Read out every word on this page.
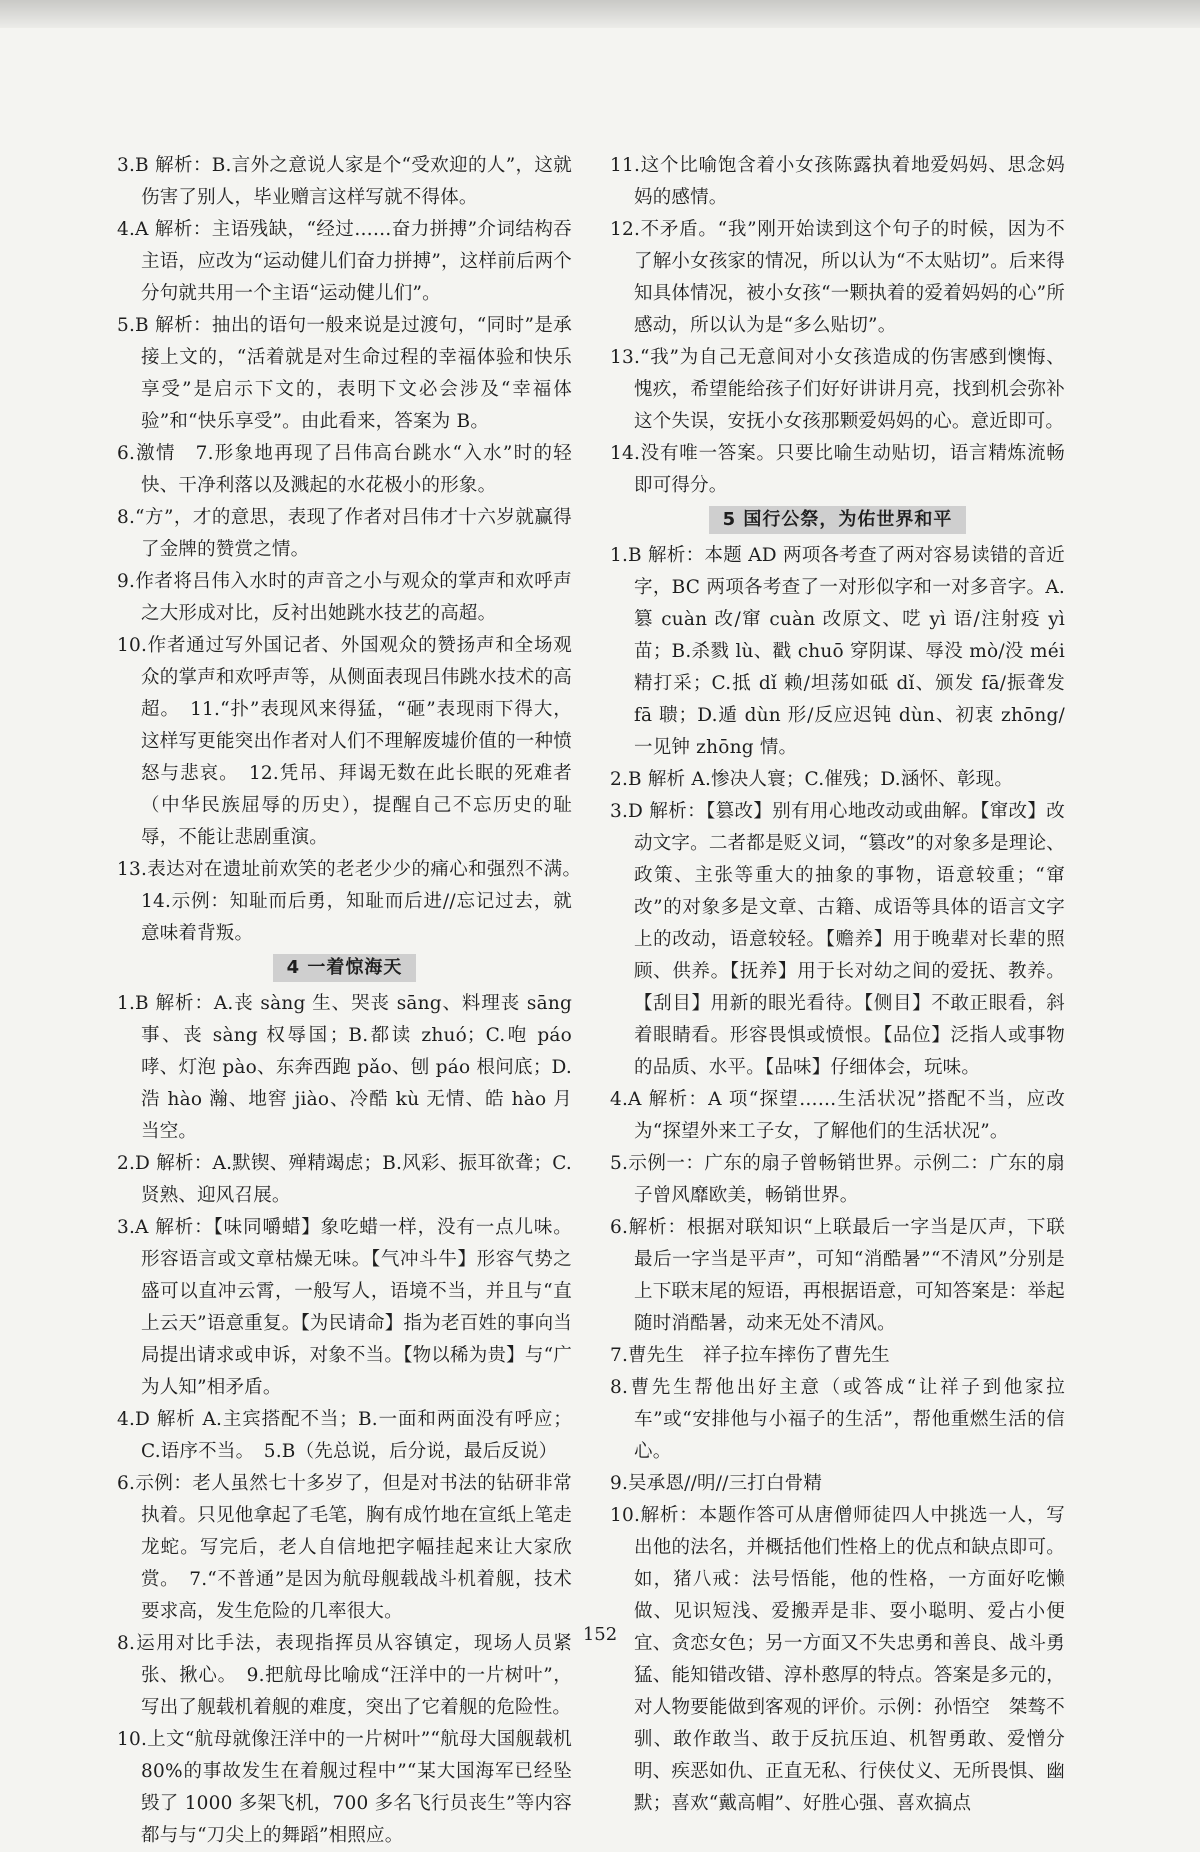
3.B 解析：B.言外之意说人家是个“受欢迎的人”，这就伤害了别人，毕业赠言这样写就不得体。

4.A 解析：主语残缺，“经过……奋力拼搏”介词结构吞主语，应改为“运动健儿们奋力拼搏”，这样前后两个分句就共用一个主语“运动健儿们”。

5.B 解析：抽出的语句一般来说是过渡句，“同时”是承接上文的，“活着就是对生命过程的幸福体验和快乐享受”是启示下文的，表明下文必会涉及“幸福体验”和“快乐享受”。由此看来，答案为 B。

6.激情　7.形象地再现了吕伟高台跳水“入水”时的轻快、干净利落以及溅起的水花极小的形象。

8.“方”，才的意思，表现了作者对吕伟才十六岁就赢得了金牌的赞赏之情。

9.作者将吕伟入水时的声音之小与观众的掌声和欢呼声之大形成对比，反衬出她跳水技艺的高超。

10.作者通过写外国记者、外国观众的赞扬声和全场观众的掌声和欢呼声等，从侧面表现吕伟跳水技术的高超。　11.“扑”表现风来得猛，“砸”表现雨下得大，这样写更能突出作者对人们不理解废墟价值的一种愤怒与悲哀。　12.凭吊、拜谒无数在此长眠的死难者（中华民族屈辱的历史），提醒自己不忘历史的耻辱，不能让悲剧重演。

13.表达对在遗址前欢笑的老老少少的痛心和强烈不满。　14.示例：知耻而后勇，知耻而后进//忘记过去，就意味着背叛。

4 一着惊海天

1.B 解析：A.丧 sàng 生、哭丧 sāng、料理丧 sāng 事、丧 sàng 权辱国；B.都读 zhuó；C.咆 páo 哮、灯泡 pào、东奔西跑 pǎo、刨 páo 根问底；D.浩 hào 瀚、地窖 jiào、冷酷 kù 无情、皓 hào 月当空。

2.D 解析：A.默锲、殚精竭虑；B.风彩、振耳欲聋；C.贤熟、迎风召展。

3.A 解析：【味同嚼蜡】象吃蜡一样，没有一点儿味。形容语言或文章枯燥无味。【气冲斗牛】形容气势之盛可以直冲云霄，一般写人，语境不当，并且与“直上云天”语意重复。【为民请命】指为老百姓的事向当局提出请求或申诉，对象不当。【物以稀为贵】与“广为人知”相矛盾。

4.D 解析 A.主宾搭配不当；B.一面和两面没有呼应；C.语序不当。　5.B（先总说，后分说，最后反说）

6.示例：老人虽然七十多岁了，但是对书法的钻研非常执着。只见他拿起了毛笔，胸有成竹地在宣纸上笔走龙蛇。写完后，老人自信地把字幅挂起来让大家欣赏。　7.“不普通”是因为航母舰载战斗机着舰，技术要求高，发生危险的几率很大。

8.运用对比手法，表现指挥员从容镇定，现场人员紧张、揪心。　9.把航母比喻成“汪洋中的一片树叶”，写出了舰载机着舰的难度，突出了它着舰的危险性。

10.上文“航母就像汪洋中的一片树叶”“航母大国舰载机 80%的事故发生在着舰过程中”“某大国海军已经坠毁了 1000 多架飞机，700 多名飞行员丧生”等内容都与与“刀尖上的舞蹈”相照应。

11.这个比喻饱含着小女孩陈露执着地爱妈妈、思念妈妈的感情。

12.不矛盾。“我”刚开始读到这个句子的时候，因为不了解小女孩家的情况，所以认为“不太贴切”。后来得知具体情况，被小女孩“一颗执着的爱着妈妈的心”所感动，所以认为是“多么贴切”。

13.“我”为自己无意间对小女孩造成的伤害感到懊悔、愧疚，希望能给孩子们好好讲讲月亮，找到机会弥补这个失误，安抚小女孩那颗爱妈妈的心。意近即可。

14.没有唯一答案。只要比喻生动贴切，语言精炼流畅即可得分。

5 国行公祭，为佑世界和平

1.B 解析：本题 AD 两项各考查了两对容易读错的音近字，BC 两项各考查了一对形似字和一对多音字。A.篡 cuàn 改/窜 cuàn 改原文、呓 yì 语/注射疫 yì 苗；B.杀戮 lù、戳 chuō 穿阴谋、辱没 mò/没 méi 精打采；C.抵 dǐ 赖/坦荡如砥 dǐ、颁发 fā/振聋发 fā 聩；D.遁 dùn 形/反应迟钝 dùn、初衷 zhōng/一见钟 zhōng 情。

2.B 解析 A.惨决人寰；C.催残；D.涵怀、彰现。

3.D 解析：【篡改】别有用心地改动或曲解。【窜改】改动文字。二者都是贬义词，“篡改”的对象多是理论、政策、主张等重大的抽象的事物，语意较重；“窜改”的对象多是文章、古籍、成语等具体的语言文字上的改动，语意较轻。【赡养】用于晚辈对长辈的照顾、供养。【抚养】用于长对幼之间的爱抚、教养。【刮目】用新的眼光看待。【侧目】不敢正眼看，斜着眼睛看。形容畏惧或愤恨。【品位】泛指人或事物的品质、水平。【品味】仔细体会，玩味。

4.A 解析：A 项“探望……生活状况”搭配不当，应改为“探望外来工子女，了解他们的生活状况”。

5.示例一：广东的扇子曾畅销世界。示例二：广东的扇子曾风靡欧美，畅销世界。

6.解析：根据对联知识“上联最后一字当是仄声，下联最后一字当是平声”，可知“消酷暑”“不清风”分别是上下联末尾的短语，再根据语意，可知答案是：举起随时消酷暑，动来无处不清风。

7.曹先生　祥子拉车摔伤了曹先生

8.曹先生帮他出好主意（或答成“让祥子到他家拉车”或“安排他与小福子的生活”，帮他重燃生活的信心。

9.吴承恩//明//三打白骨精

10.解析：本题作答可从唐僧师徒四人中挑选一人，写出他的法名，并概括他们性格上的优点和缺点即可。如，猪八戒：法号悟能，他的性格，一方面好吃懒做、见识短浅、爱搬弄是非、耍小聪明、爱占小便宜、贪恋女色；另一方面又不失忠勇和善良、战斗勇猛、能知错改错、淳朴憨厚的特点。答案是多元的，对人物要能做到客观的评价。示例：孙悟空　桀骜不驯、敢作敢当、敢于反抗压迫、机智勇敢、爱憎分明、疾恶如仇、正直无私、行侠仗义、无所畏惧、幽默；喜欢“戴高帽”、好胜心强、喜欢搞点

152
